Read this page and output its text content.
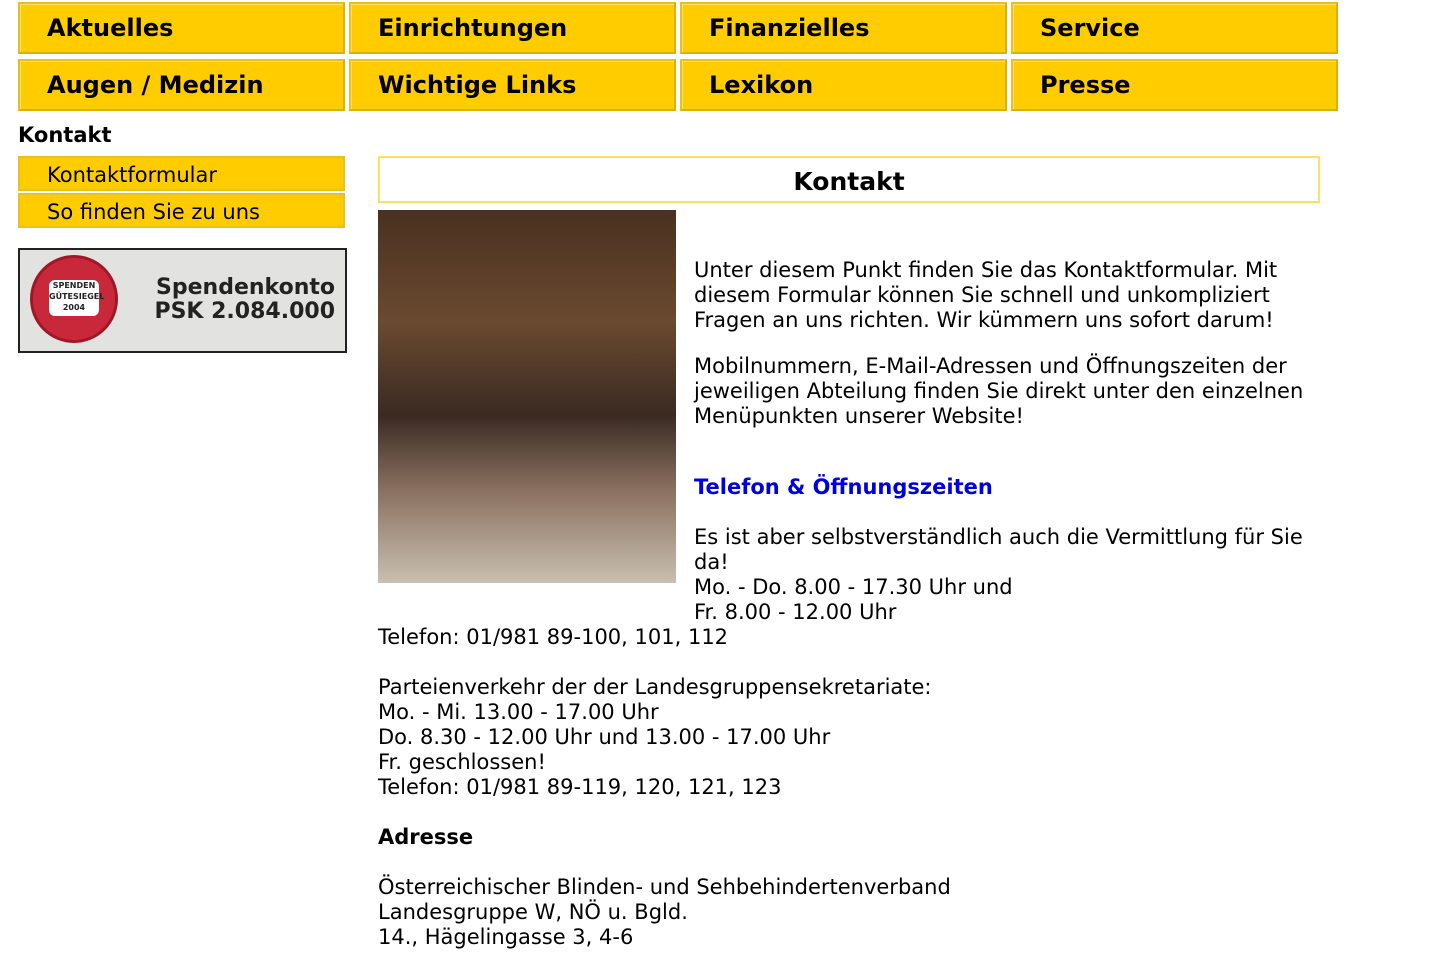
Aktuelles	Einrichtungen	Finanzielles	Service
Augen / Medizin	Wichtige Links	Lexikon	Presse
Kontakt
Kontaktformular
So finden Sie zu uns
SPENDEN
GÜTESIEGEL
2004
Spendenkonto
PSK 2.084.000
Kontakt

Unter diesem Punkt finden Sie das Kontaktformular. Mit diesem Formular können Sie schnell und unkompliziert Fragen an uns richten. Wir kümmern uns sofort darum!

Mobilnummern, E-Mail-Adressen und Öffnungszeiten der jeweiligen Abteilung finden Sie direkt unter den einzelnen Menüpunkten unserer Website!

Telefon & Öffnungszeiten

Es ist aber selbstverständlich auch die Vermittlung für Sie da!

Mo. - Do. 8.00 - 17.30 Uhr und

Fr. 8.00 - 12.00 Uhr

Telefon: 01/981 89-100, 101, 112

Parteienverkehr der der Landesgruppensekretariate:

Mo. - Mi. 13.00 - 17.00 Uhr

Do. 8.30 - 12.00 Uhr und 13.00 - 17.00 Uhr

Fr. geschlossen!

Telefon: 01/981 89-119, 120, 121, 123

Adresse

Österreichischer Blinden- und Sehbehindertenverband

Landesgruppe W, NÖ u. Bgld.

14., Hägelingasse 3, 4-6
